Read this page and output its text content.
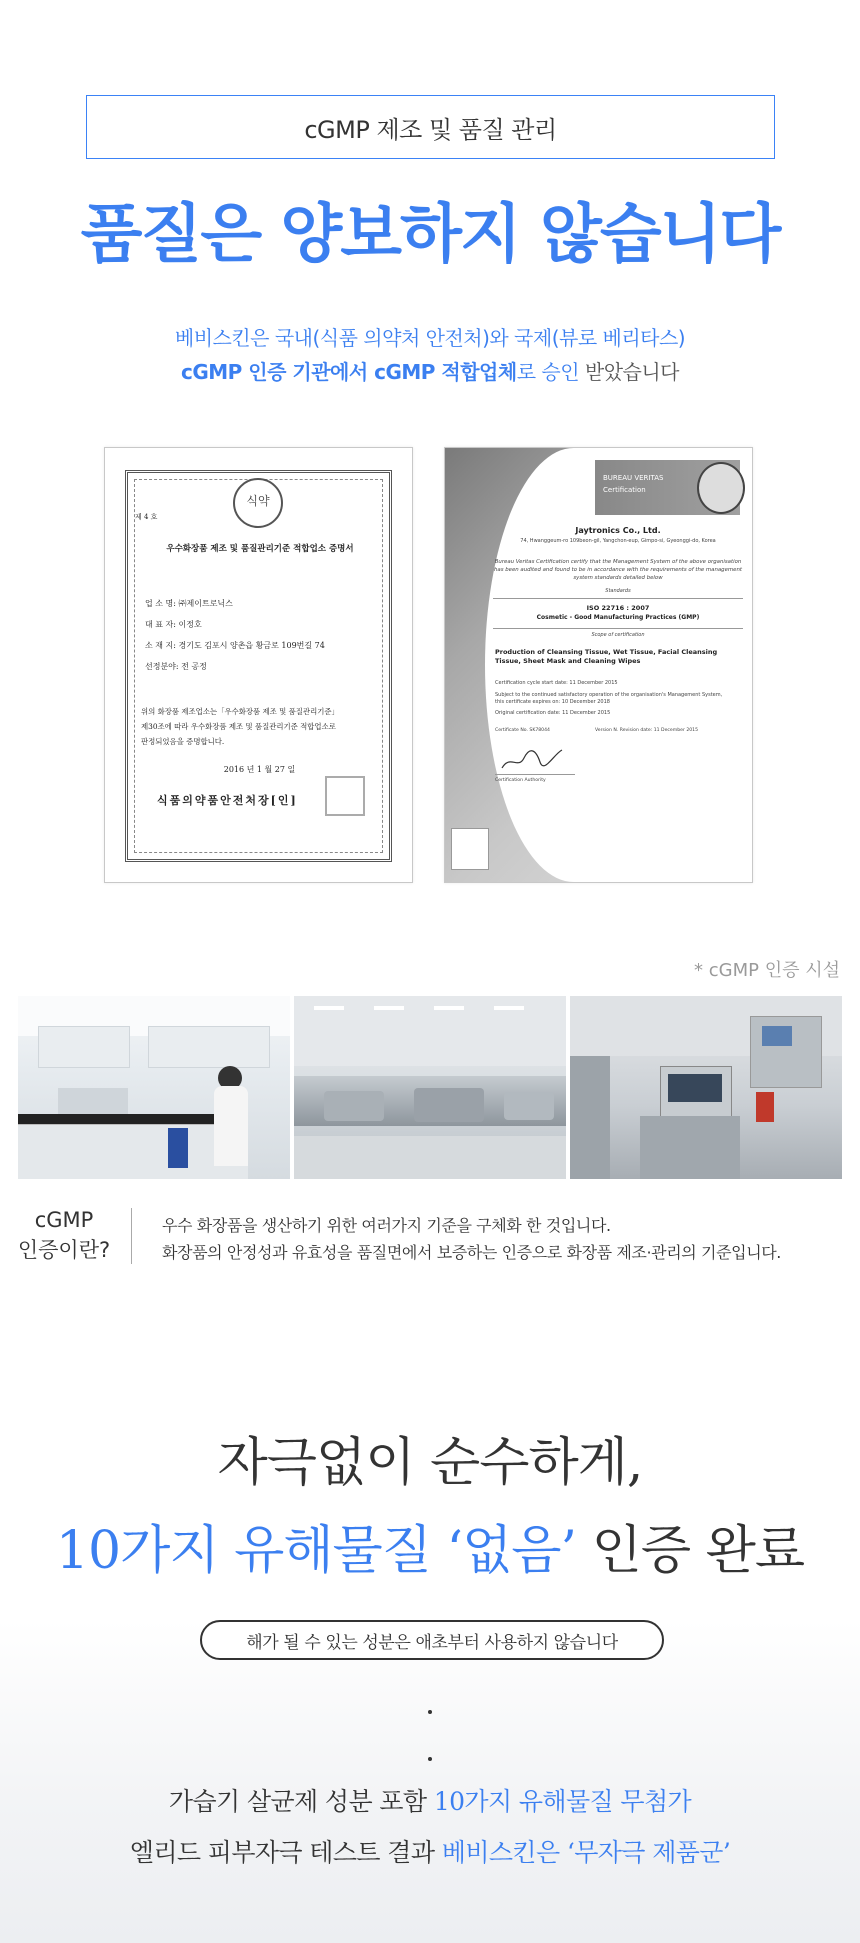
cGMP 제조 및 품질 관리
품질은 양보하지 않습니다
베비스킨은 국내(식품 의약처 안전처)와 국제(뷰로 베리타스)
cGMP 인증 기관에서 cGMP 적합업체로 승인 받았습니다
식약
제 4 호
우수화장품 제조 및 품질관리기준 적합업소 증명서
업 소 명: ㈜제이트로닉스
대 표 자: 이정호
소 재 지: 경기도 김포시 양촌읍 황금로 109번길 74
선정분야: 전 공정
위의 화장품 제조업소는「우수화장품 제조 및 품질관리기준」
제30조에 따라 우수화장품 제조 및 품질관리기준 적합업소로
판정되었음을 증명합니다.
2016 년 1 월 27 일
식품의약품안전처장[인]
BUREAU VERITAS
Certification
Jaytronics Co., Ltd.
74, Hwanggeum-ro 109beon-gil, Yangchon-eup, Gimpo-si, Gyeonggi-do, Korea
Bureau Veritas Certification certify that the Management System of the above organisation has been audited and found to be in accordance with the requirements of the management system standards detailed below
Standards
ISO 22716 : 2007
Cosmetic - Good Manufacturing Practices (GMP)
Scope of certification
Production of Cleansing Tissue, Wet Tissue, Facial Cleansing Tissue, Sheet Mask and Cleaning Wipes
Certification cycle start date: 11 December 2015
Subject to the continued satisfactory operation of the organisation's Management System, this certificate expires on: 10 December 2018
Original certification date: 11 December 2015
Certificate No. SK78044	Version N. Revision date: 11 December 2015
Certification Authority
* cGMP 인증 시설
cGMP
인증이란?
우수 화장품을 생산하기 위한 여러가지 기준을 구체화 한 것입니다.
화장품의 안정성과 유효성을 품질면에서 보증하는 인증으로 화장품 제조·관리의 기준입니다.
자극없이 순수하게,
10가지 유해물질 ‘없음’ 인증 완료
해가 될 수 있는 성분은 애초부터 사용하지 않습니다
가습기 살균제 성분 포함 10가지 유해물질 무첨가
엘리드 피부자극 테스트 결과 베비스킨은 ‘무자극 제품군’
